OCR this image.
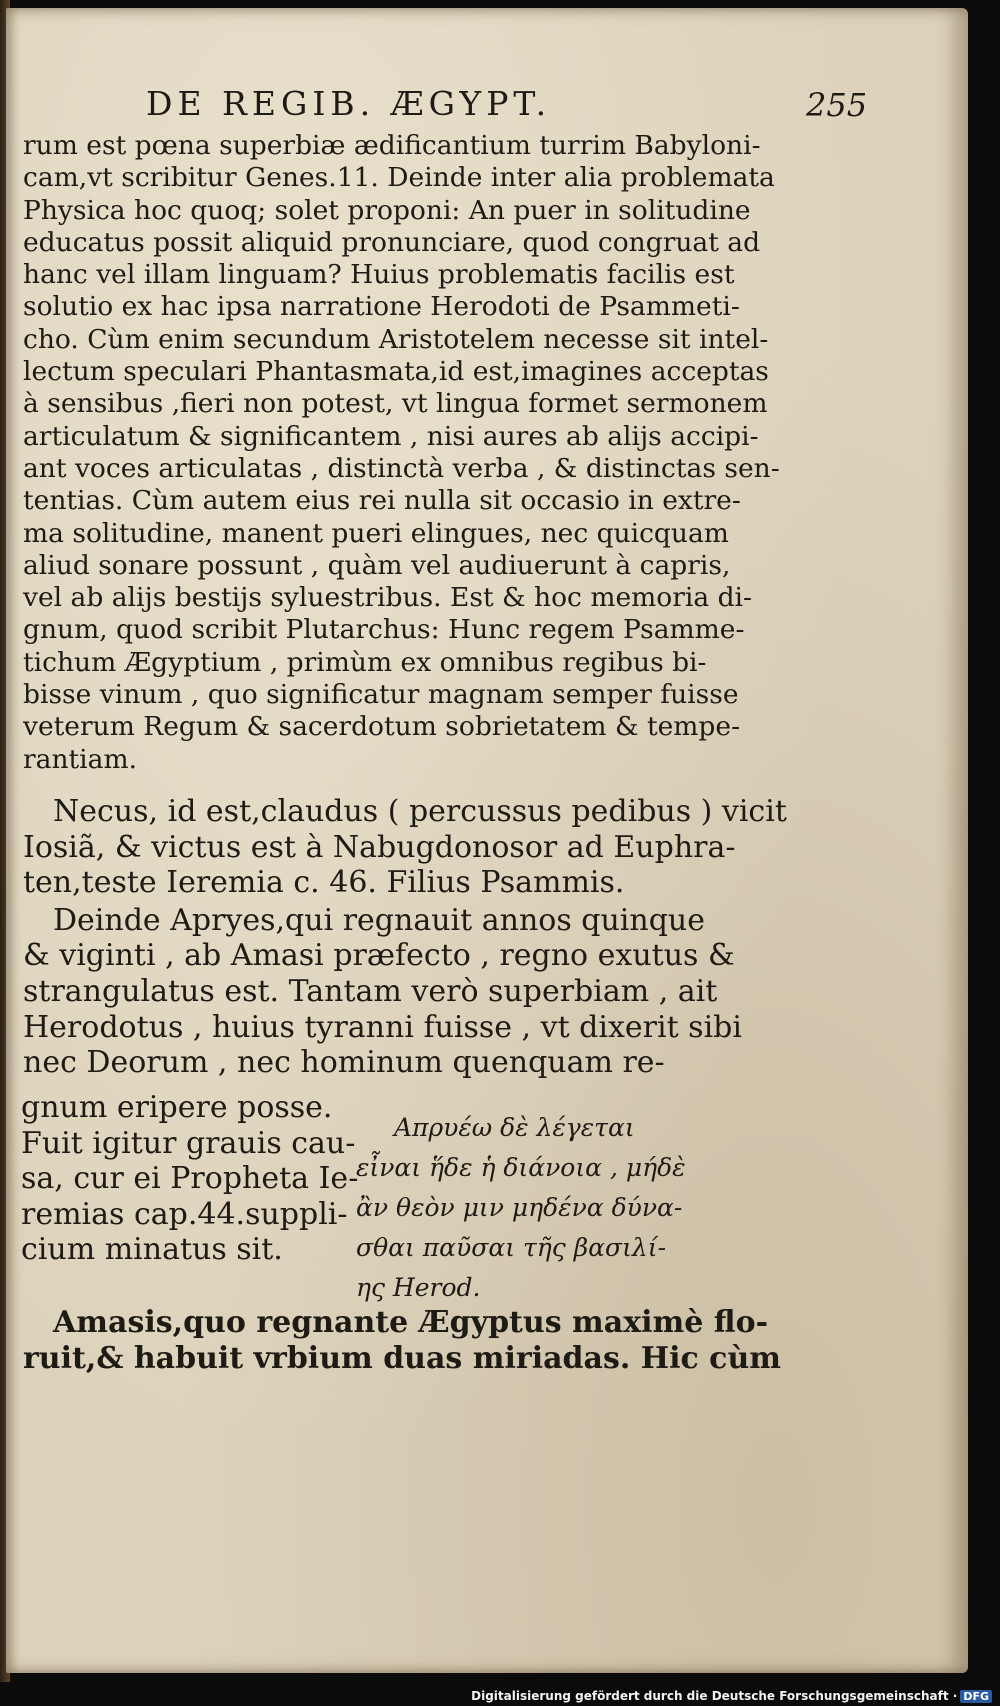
DE REGIB. ÆGYPT.	255
rum est pœna superbiæ ædificantium turrim Babyloni-
cam,vt scribitur Genes.11. Deinde inter alia problemata
Physica hoc quoq; solet proponi: An puer in solitudine
educatus possit aliquid pronunciare, quod congruat ad
hanc vel illam linguam? Huius problematis facilis est
solutio ex hac ipsa narratione Herodoti de Psammeti-
cho. Cùm enim secundum Aristotelem necesse sit intel-
lectum speculari Phantasmata,id est,imagines acceptas
à sensibus ,fieri non potest, vt lingua formet sermonem
articulatum & significantem , nisi aures ab alijs accipi-
ant voces articulatas , distinctà verba , & distinctas sen-
tentias. Cùm autem eius rei nulla sit occasio in extre-
ma solitudine, manent pueri elingues, nec quicquam
aliud sonare possunt , quàm vel audiuerunt à capris,
vel ab alijs bestijs syluestribus. Est & hoc memoria di-
gnum, quod scribit Plutarchus: Hunc regem Psamme-
tichum Ægyptium , primùm ex omnibus regibus bi-
bisse vinum , quo significatur magnam semper fuisse
veterum Regum & sacerdotum sobrietatem & tempe-
rantiam.
Necus, id est,claudus ( percussus pedibus ) vicit
Iosiã, & victus est à Nabugdonosor ad Euphra-
ten,teste Ieremia c. 46. Filius Psammis.
Deinde Apryes,qui regnauit annos quinque
& viginti , ab Amasi præfecto , regno exutus &
strangulatus est. Tantam verò superbiam , ait
Herodotus , huius tyranni fuisse , vt dixerit sibi
nec Deorum , nec hominum quenquam re-
gnum eripere posse.
Fuit igitur grauis cau-
sa, cur ei Propheta Ie-
remias cap.44.suppli-
cium minatus sit.
Απρυέω δὲ λέγεται
εἶναι ἥδε ἡ διάνοια , μήδὲ
ἂν θεὸν μιν μηδένα δύνα-
σθαι παῦσαι τῆς βασιλί-
ης Herod.
Amasis,quo regnante Ægyptus maximè flo-
ruit,& habuit vrbium duas miriadas. Hic cùm
Digitalisierung gefördert durch die Deutsche Forschungsgemeinschaft · DFG
